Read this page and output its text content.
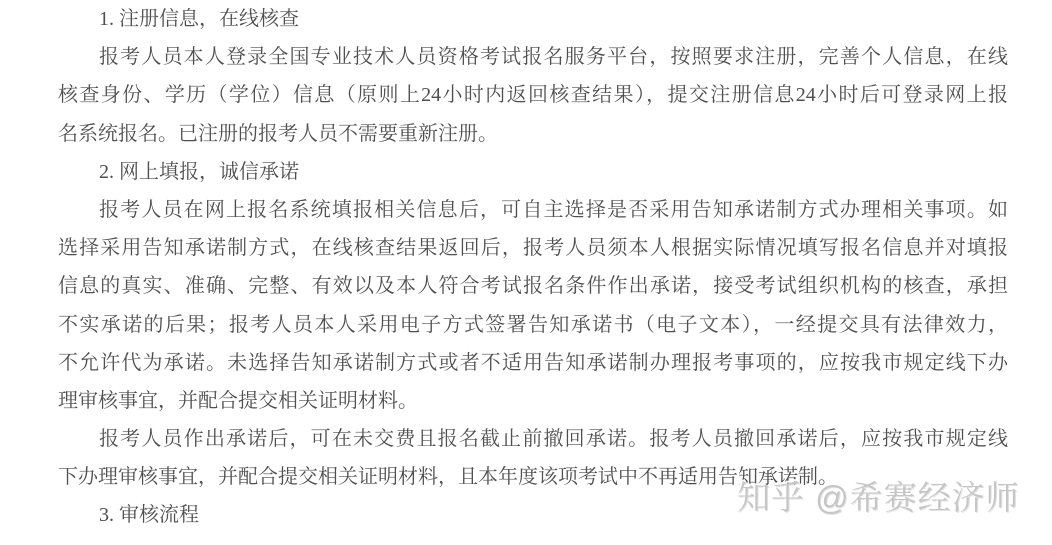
1. 注册信息，在线核查
报考人员本人登录全国专业技术人员资格考试报名服务平台，按照要求注册，完善个人信息，在线
核查身份、学历（学位）信息（原则上24小时内返回核查结果），提交注册信息24小时后可登录网上报
名系统报名。已注册的报考人员不需要重新注册。
2. 网上填报，诚信承诺
报考人员在网上报名系统填报相关信息后，可自主选择是否采用告知承诺制方式办理相关事项。如
选择采用告知承诺制方式，在线核查结果返回后，报考人员须本人根据实际情况填写报名信息并对填报
信息的真实、准确、完整、有效以及本人符合考试报名条件作出承诺，接受考试组织机构的核查，承担
不实承诺的后果；报考人员本人采用电子方式签署告知承诺书（电子文本），一经提交具有法律效力，
不允许代为承诺。未选择告知承诺制方式或者不适用告知承诺制办理报考事项的，应按我市规定线下办
理审核事宜，并配合提交相关证明材料。
报考人员作出承诺后，可在未交费且报名截止前撤回承诺。报考人员撤回承诺后，应按我市规定线
下办理审核事宜，并配合提交相关证明材料，且本年度该项考试中不再适用告知承诺制。
3. 审核流程	知乎 @希赛经济师
